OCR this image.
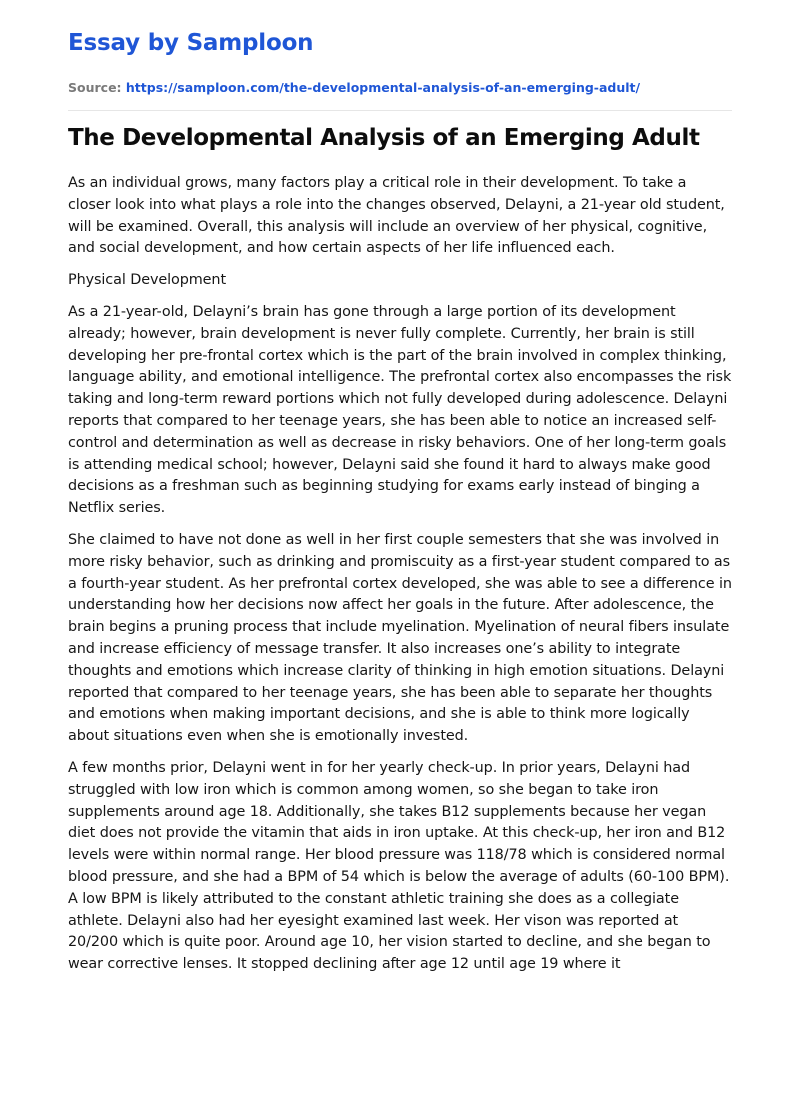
Essay by Samploon

Source: https://samploon.com/the-developmental-analysis-of-an-emerging-adult/

The Developmental Analysis of an Emerging Adult

As an individual grows, many factors play a critical role in their development. To take a closer look into what plays a role into the changes observed, Delayni, a 21-year old student, will be examined. Overall, this analysis will include an overview of her physical, cognitive, and social development, and how certain aspects of her life influenced each.

Physical Development

As a 21-year-old, Delayni’s brain has gone through a large portion of its development already; however, brain development is never fully complete. Currently, her brain is still developing her pre-frontal cortex which is the part of the brain involved in complex thinking, language ability, and emotional intelligence. The prefrontal cortex also encompasses the risk taking and long-term reward portions which not fully developed during adolescence. Delayni reports that compared to her teenage years, she has been able to notice an increased self-control and determination as well as decrease in risky behaviors. One of her long-term goals is attending medical school; however, Delayni said she found it hard to always make good decisions as a freshman such as beginning studying for exams early instead of binging a Netflix series.

She claimed to have not done as well in her first couple semesters that she was involved in more risky behavior, such as drinking and promiscuity as a first-year student compared to as a fourth-year student. As her prefrontal cortex developed, she was able to see a difference in understanding how her decisions now affect her goals in the future. After adolescence, the brain begins a pruning process that include myelination. Myelination of neural fibers insulate and increase efficiency of message transfer. It also increases one’s ability to integrate thoughts and emotions which increase clarity of thinking in high emotion situations. Delayni reported that compared to her teenage years, she has been able to separate her thoughts and emotions when making important decisions, and she is able to think more logically about situations even when she is emotionally invested.

A few months prior, Delayni went in for her yearly check-up. In prior years, Delayni had struggled with low iron which is common among women, so she began to take iron supplements around age 18. Additionally, she takes B12 supplements because her vegan diet does not provide the vitamin that aids in iron uptake. At this check-up, her iron and B12 levels were within normal range. Her blood pressure was 118/78 which is considered normal blood pressure, and she had a BPM of 54 which is below the average of adults (60-100 BPM). A low BPM is likely attributed to the constant athletic training she does as a collegiate athlete. Delayni also had her eyesight examined last week. Her vison was reported at 20/200 which is quite poor. Around age 10, her vision started to decline, and she began to wear corrective lenses. It stopped declining after age 12 until age 19 where it
